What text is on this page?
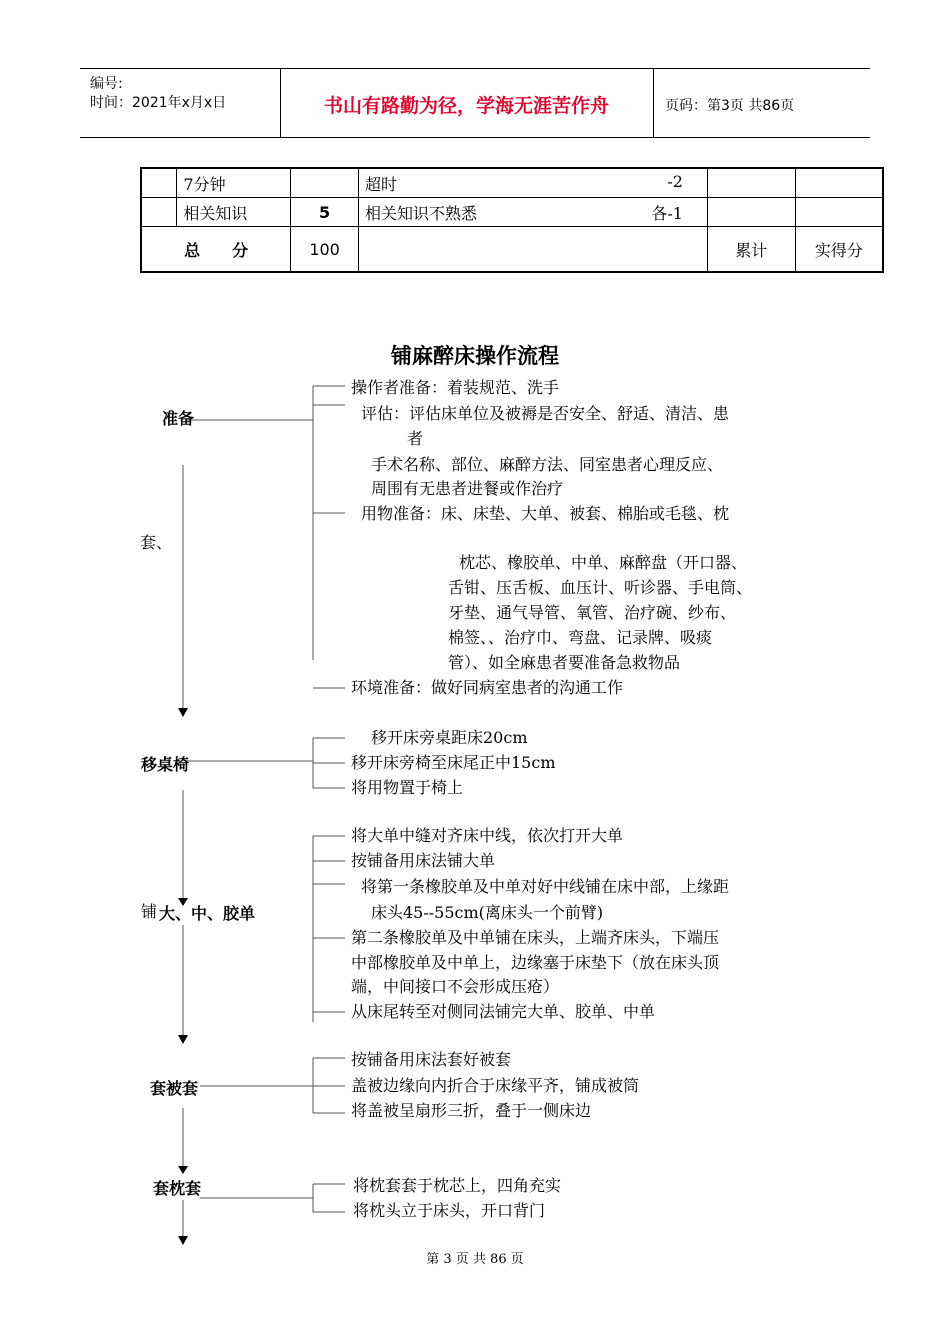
编号:
时间：2021年x月x日	书山有路勤为径，学海无涯苦作舟	页码：第3页 共86页
	7分钟		超时 -2		

	相关知识	5	相关知识不熟悉 各-1		

总　　分		100		累计	实得分
铺麻醉床操作流程
准备
套、
操作者准备：着装规范、洗手
评估：评估床单位及被褥是否安全、舒适、清洁、患
者
手术名称、部位、麻醉方法、同室患者心理反应、
周围有无患者进餐或作治疗
用物准备：床、床垫、大单、被套、棉胎或毛毯、枕
枕芯、橡胶单、中单、麻醉盘（开口器、
舌钳、压舌板、血压计、听诊器、手电筒、
牙垫、通气导管、氧管、治疗碗、纱布、
棉签、、治疗巾、弯盘、记录牌、吸痰
管）、如全麻患者要准备急救物品
环境准备：做好同病室患者的沟通工作
移桌椅
移开床旁桌距床20cm
移开床旁椅至床尾正中15cm
将用物置于椅上
铺 大、中、胶单
将大单中缝对齐床中线，依次打开大单
按铺备用床法铺大单
将第一条橡胶单及中单对好中线铺在床中部，上缘距
床头45--55cm(离床头一个前臂)
第二条橡胶单及中单铺在床头，上端齐床头，下端压
中部橡胶单及中单上，边缘塞于床垫下（放在床头顶
端，中间接口不会形成压疮）
从床尾转至对侧同法铺完大单、胶单、中单
套被套
按铺备用床法套好被套
盖被边缘向内折合于床缘平齐，铺成被筒
将盖被呈扇形三折，叠于一侧床边
套枕套	将枕套套于枕芯上，四角充实
将枕头立于床头，开口背门
第 3 页 共 86 页
